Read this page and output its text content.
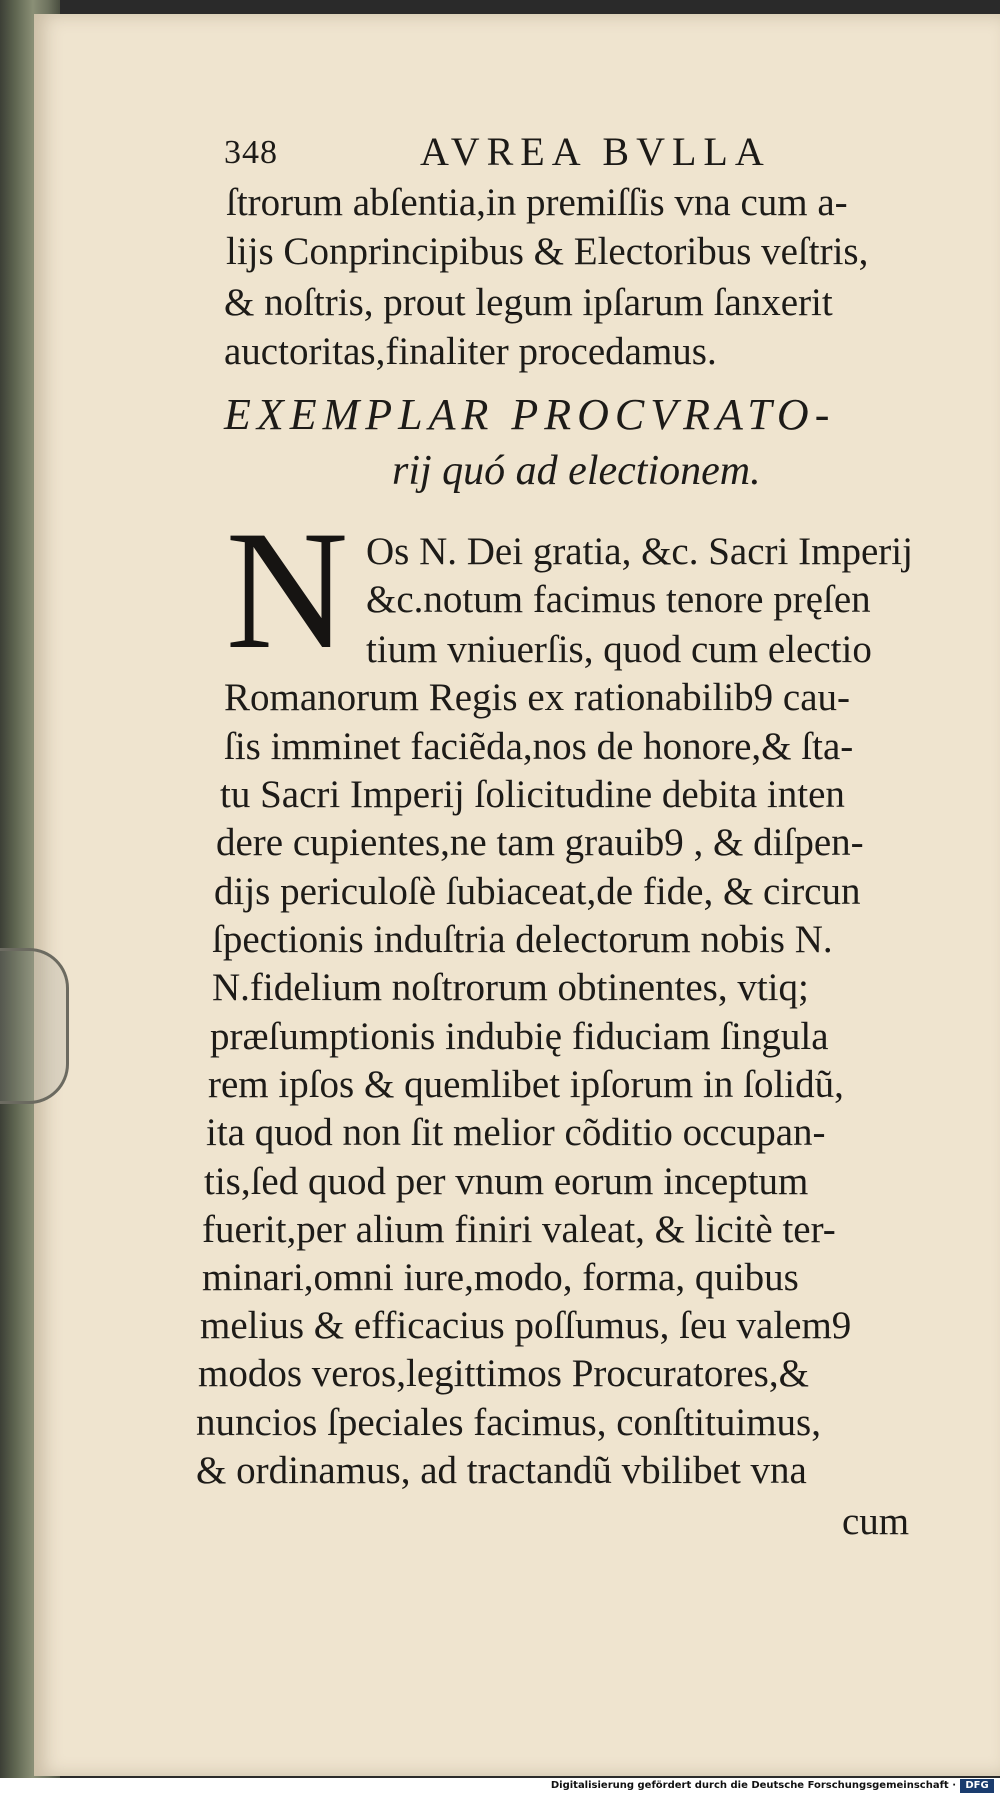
348	AVREA BVLLA
ſtrorum abſentia,in premiſſis vna cum a-
lijs Conprincipibus & Electoribus veſtris,
& noſtris, prout legum ipſarum ſanxerit
auctoritas,finaliter procedamus.
EXEMPLAR PROCVRATO-
rij quó ad electionem.
N Os N. Dei gratia, &c. Sacri Imperij
&c.notum facimus tenore pręſen
tium vniuerſis, quod cum electio
Romanorum Regis ex rationabilib9 cau-
ſis imminet faciẽda,nos de honore,& ſta-
tu Sacri Imperij ſolicitudine debita inten
dere cupientes,ne tam grauib9 , & diſpen-
dijs periculoſè ſubiaceat,de fide, & circun
ſpectionis induſtria delectorum nobis N.
N.fidelium noſtrorum obtinentes, vtiq;
præſumptionis indubię fiduciam ſingula
rem ipſos & quemlibet ipſorum in ſolidũ,
ita quod non ſit melior cõditio occupan-
tis,ſed quod per vnum eorum inceptum
fuerit,per alium finiri valeat, & licitè ter-
minari,omni iure,modo, forma, quibus
melius & efficacius poſſumus, ſeu valem9
modos veros,legittimos Procuratores,&
nuncios ſpeciales facimus, conſtituimus,
& ordinamus, ad tractandũ vbilibet vna
cum
Digitalisierung gefördert durch die Deutsche Forschungsgemeinschaft · DFG
